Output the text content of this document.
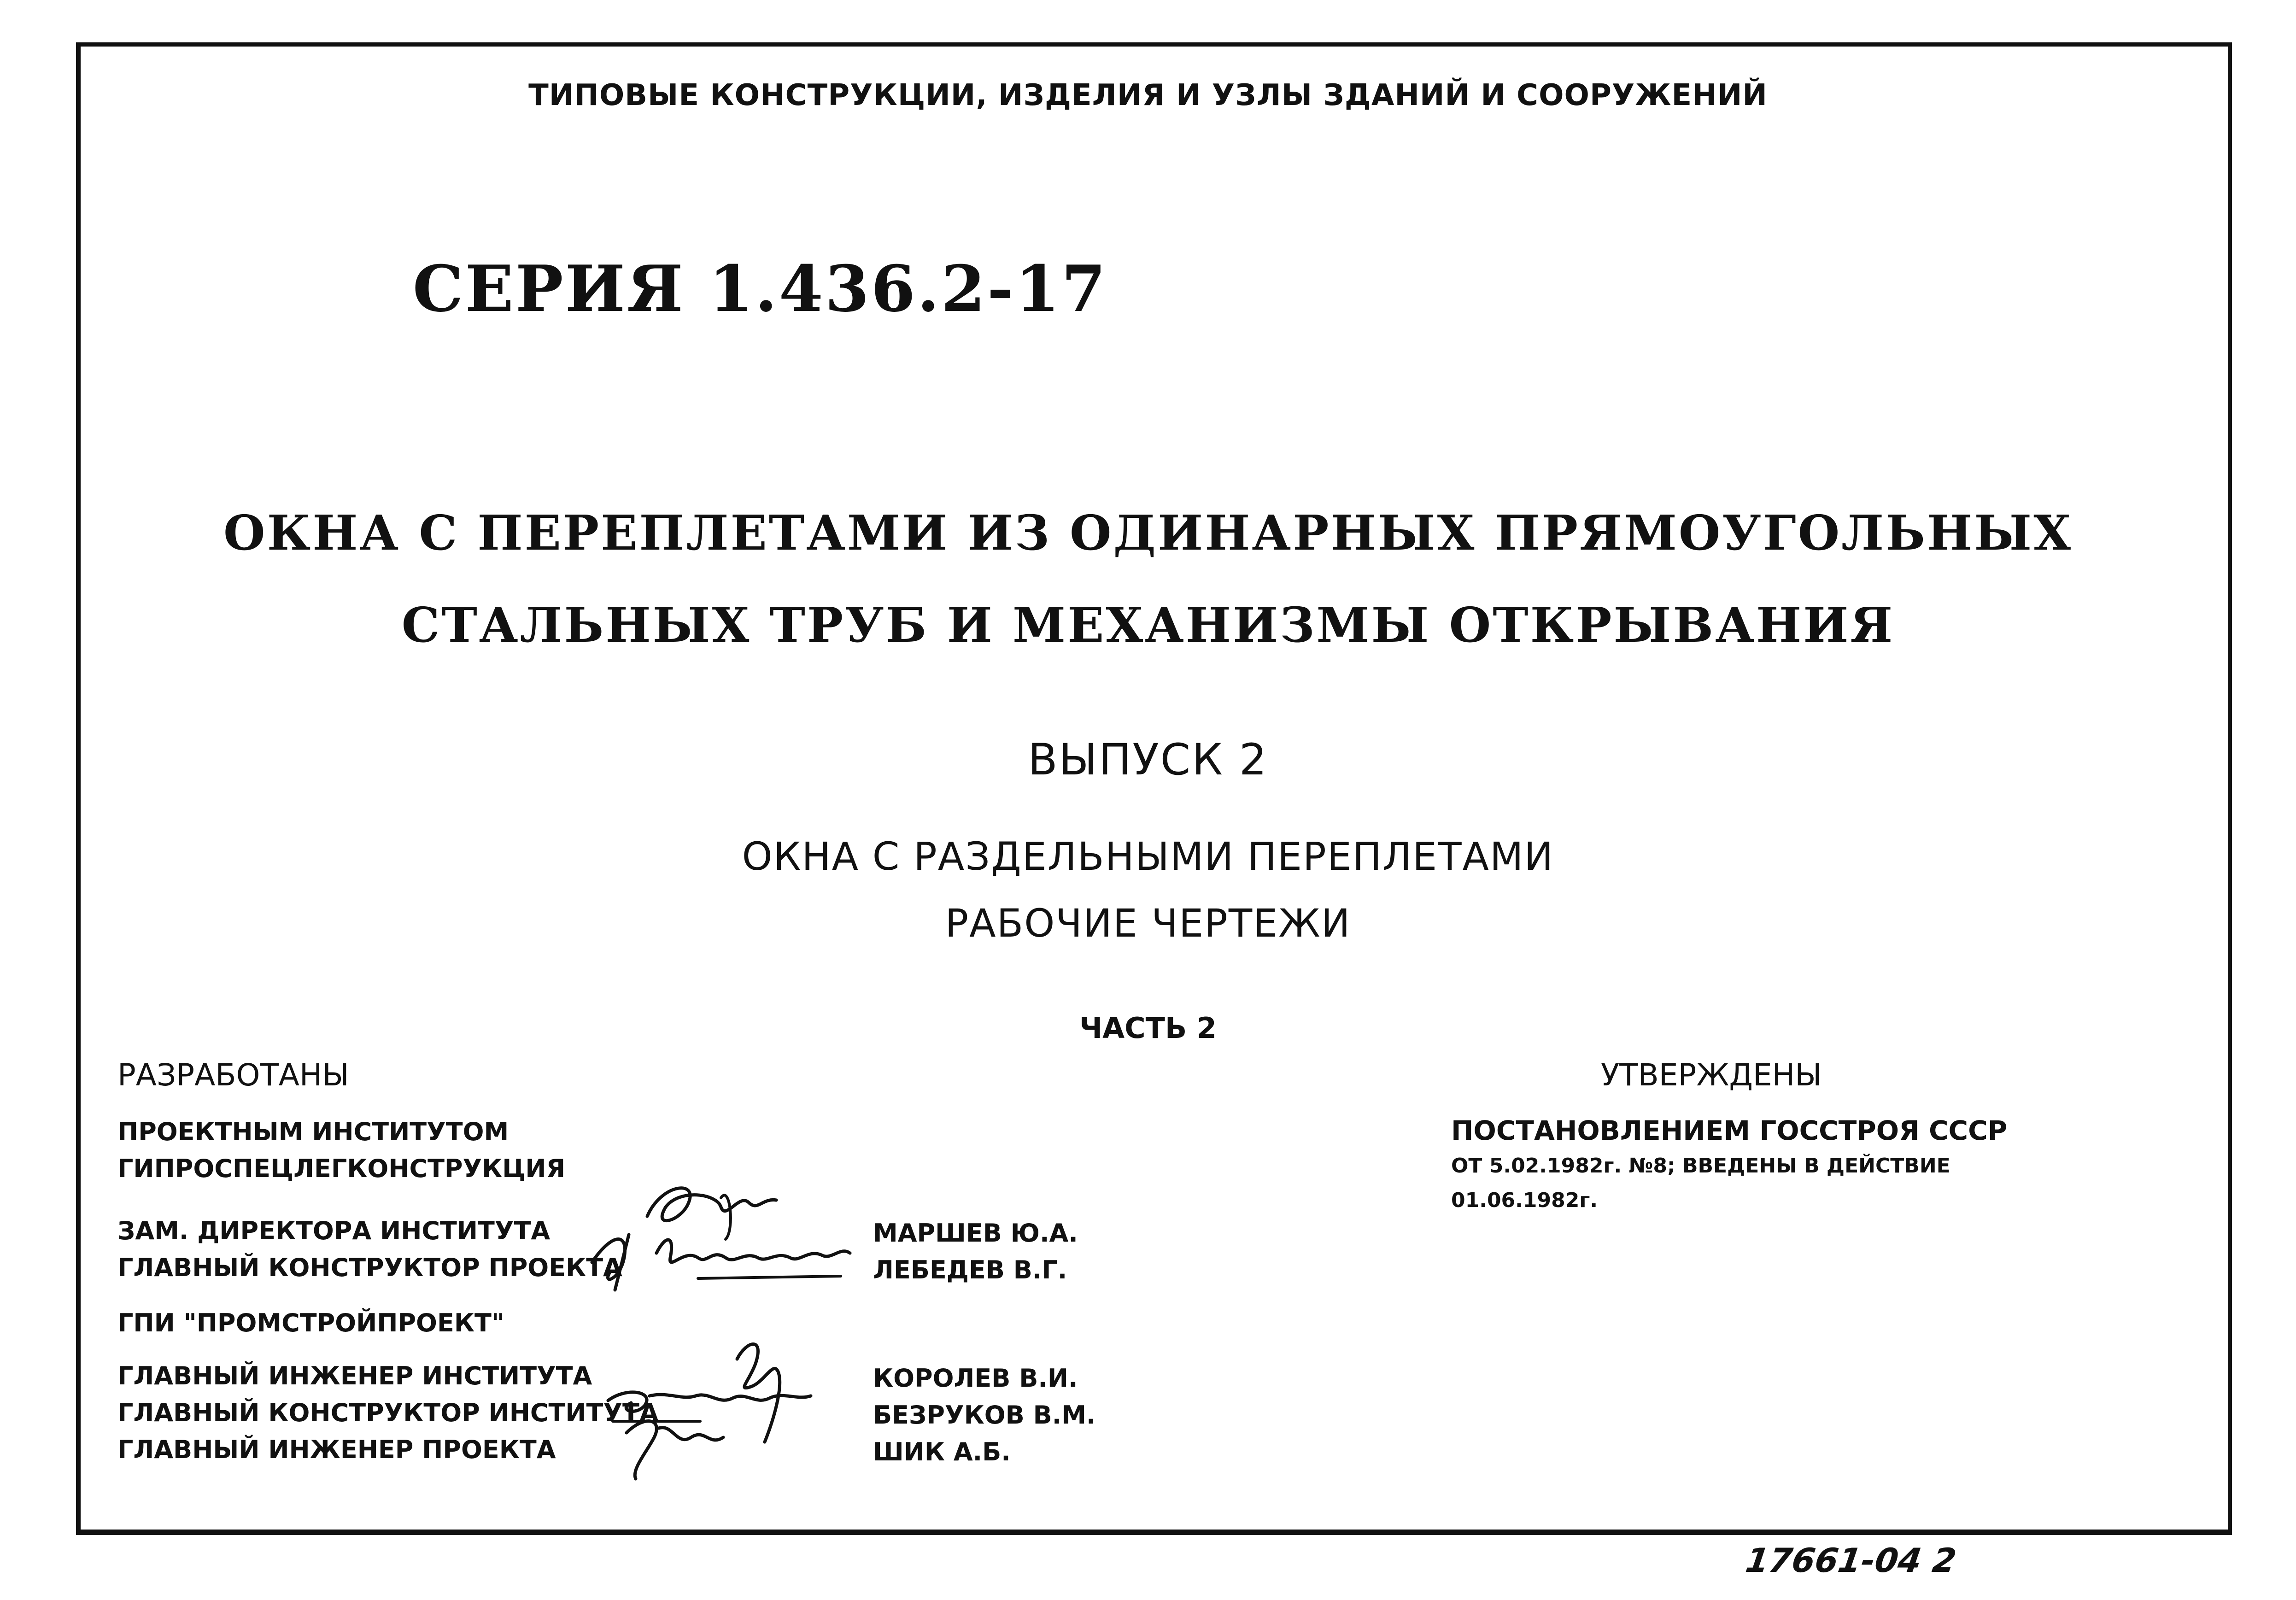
ТИПОВЫЕ КОНСТРУКЦИИ, ИЗДЕЛИЯ И УЗЛЫ ЗДАНИЙ И СООРУЖЕНИЙ
СЕРИЯ 1.436.2-17
ОКНА С ПЕРЕПЛЕТАМИ ИЗ ОДИНАРНЫХ ПРЯМОУГОЛЬНЫХ
СТАЛЬНЫХ ТРУБ И МЕХАНИЗМЫ ОТКРЫВАНИЯ
ВЫПУСК 2
ОКНА С РАЗДЕЛЬНЫМИ ПЕРЕПЛЕТАМИ
РАБОЧИЕ ЧЕРТЕЖИ
ЧАСТЬ 2
РАЗРАБОТАНЫ
ПРОЕКТНЫМ ИНСТИТУТОМ
ГИПРОСПЕЦЛЕГКОНСТРУКЦИЯ
ЗАМ. ДИРЕКТОРА ИНСТИТУТА
ГЛАВНЫЙ КОНСТРУКТОР ПРОЕКТА
МАРШЕВ Ю.А.
ЛЕБЕДЕВ В.Г.
ГПИ "ПРОМСТРОЙПРОЕКТ"
ГЛАВНЫЙ ИНЖЕНЕР ИНСТИТУТА
ГЛАВНЫЙ КОНСТРУКТОР ИНСТИТУТА
ГЛАВНЫЙ ИНЖЕНЕР ПРОЕКТА
КОРОЛЕВ В.И.
БЕЗРУКОВ В.М.
ШИК А.Б.
УТВЕРЖДЕНЫ
ПОСТАНОВЛЕНИЕМ ГОССТРОЯ СССР
ОТ 5.02.1982г. №8; ВВЕДЕНЫ В ДЕЙСТВИЕ
01.06.1982г.
17661-04 2
